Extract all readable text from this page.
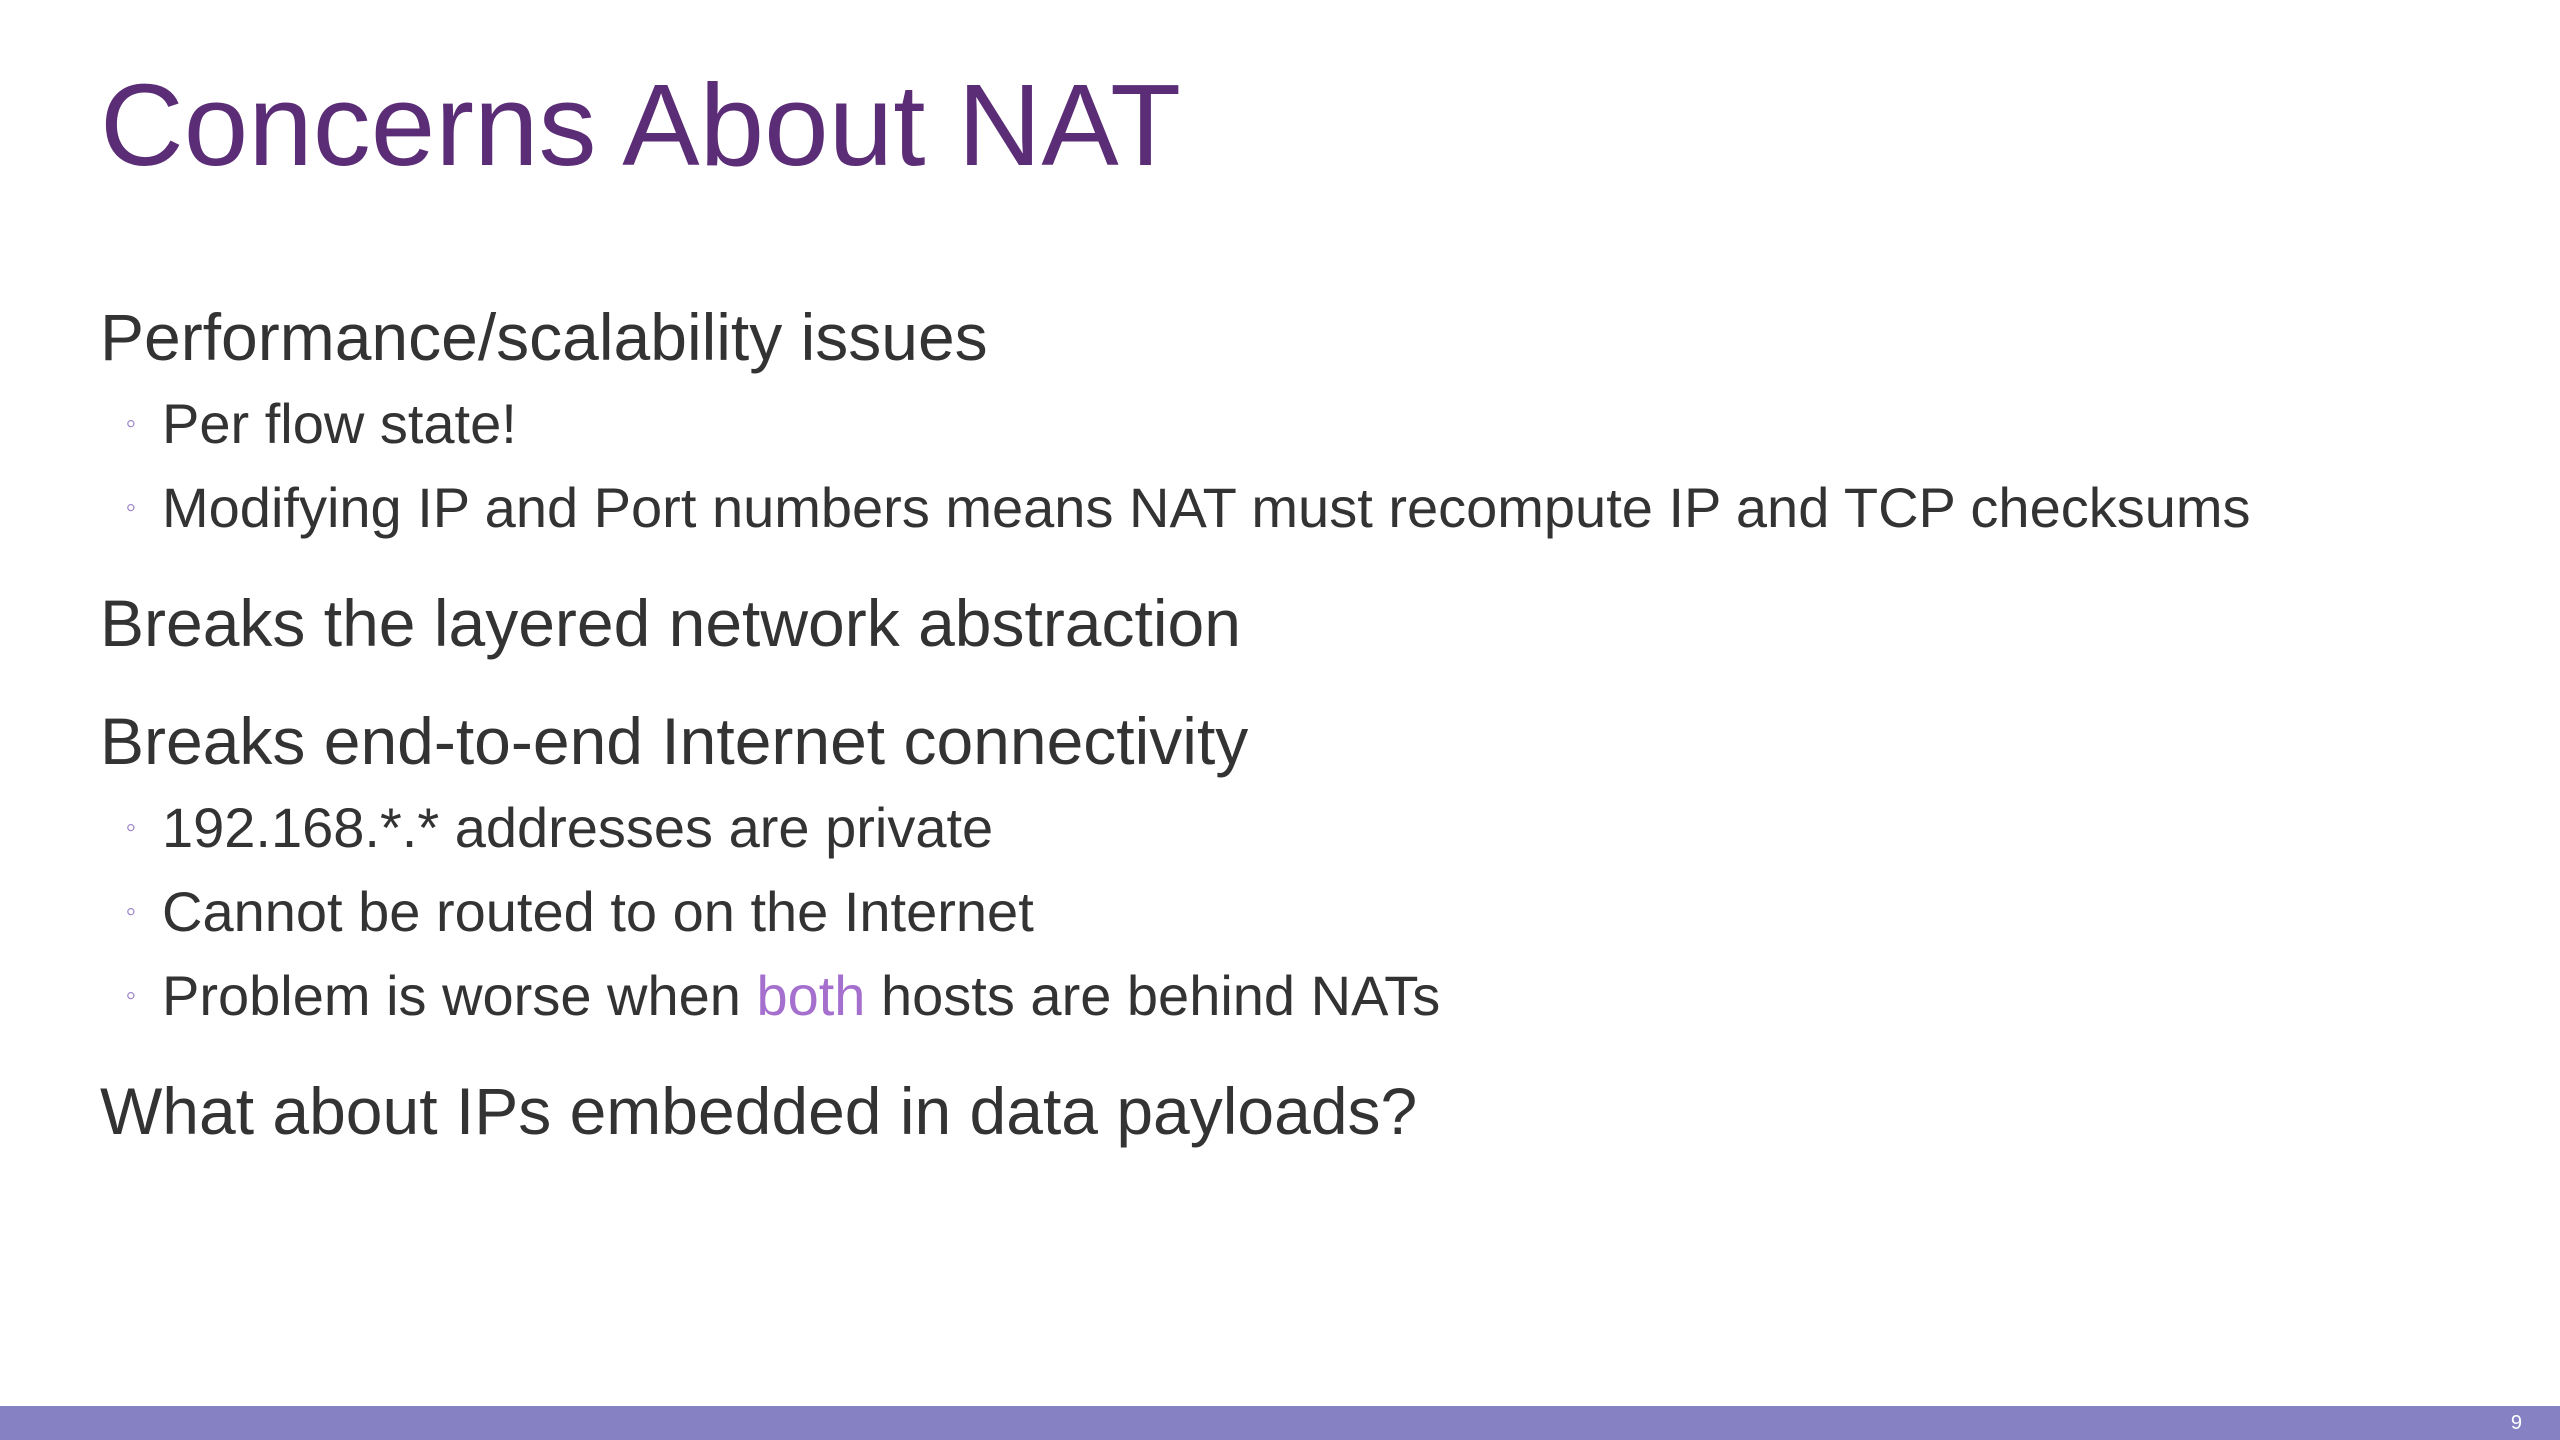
Concerns About NAT
Performance/scalability issues
◦ Per flow state!
◦ Modifying IP and Port numbers means NAT must recompute IP and TCP checksums
Breaks the layered network abstraction
Breaks end-to-end Internet connectivity
◦ 192.168.*.* addresses are private
◦ Cannot be routed to on the Internet
◦ Problem is worse when both hosts are behind NATs
What about IPs embedded in data payloads?
9
